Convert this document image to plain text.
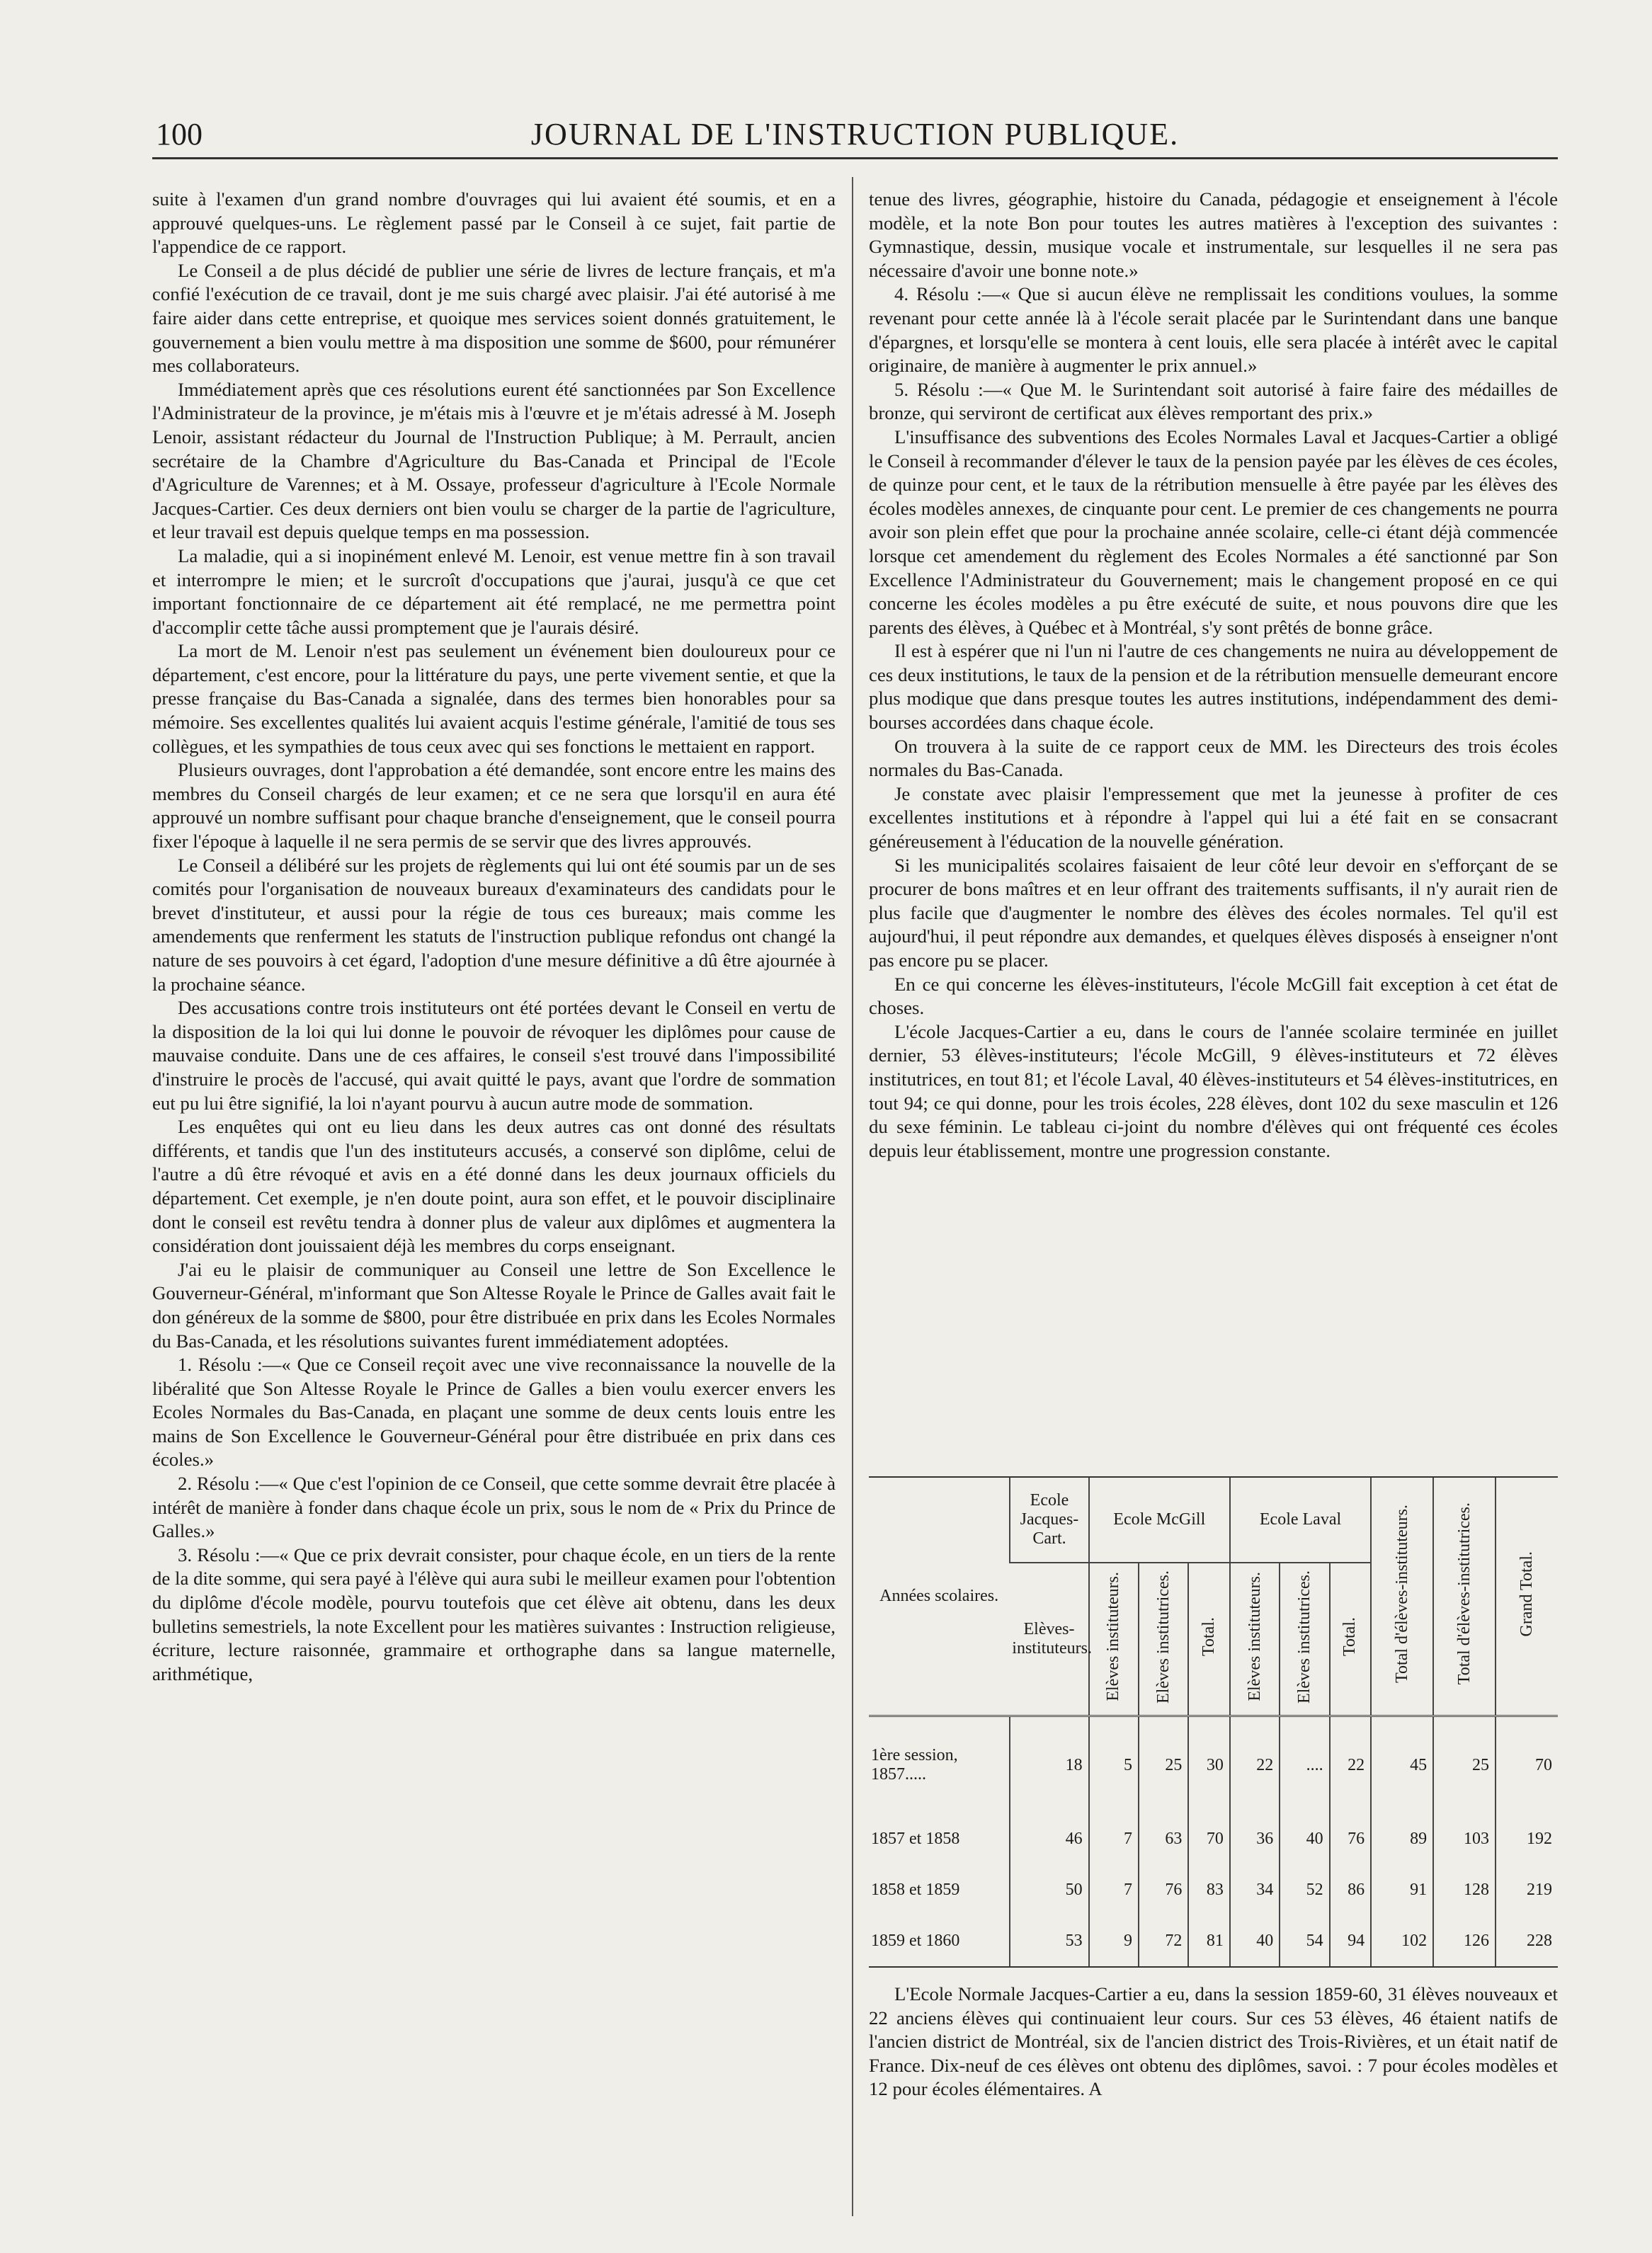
100	JOURNAL DE L'INSTRUCTION PUBLIQUE.

suite à l'examen d'un grand nombre d'ouvrages qui lui avaient été soumis, et en a approuvé quelques-uns. Le règlement passé par le Conseil à ce sujet, fait partie de l'appendice de ce rapport.

Le Conseil a de plus décidé de publier une série de livres de lecture français, et m'a confié l'exécution de ce travail, dont je me suis chargé avec plaisir. J'ai été autorisé à me faire aider dans cette entreprise, et quoique mes services soient donnés gratuitement, le gouvernement a bien voulu mettre à ma disposition une somme de $600, pour rémunérer mes collaborateurs.

Immédiatement après que ces résolutions eurent été sanctionnées par Son Excellence l'Administrateur de la province, je m'étais mis à l'œuvre et je m'étais adressé à M. Joseph Lenoir, assistant rédacteur du Journal de l'Instruction Publique; à M. Perrault, ancien secrétaire de la Chambre d'Agriculture du Bas-Canada et Principal de l'Ecole d'Agriculture de Varennes; et à M. Ossaye, professeur d'agriculture à l'Ecole Normale Jacques-Cartier. Ces deux derniers ont bien voulu se charger de la partie de l'agriculture, et leur travail est depuis quelque temps en ma possession.

La maladie, qui a si inopinément enlevé M. Lenoir, est venue mettre fin à son travail et interrompre le mien; et le surcroît d'occupations que j'aurai, jusqu'à ce que cet important fonctionnaire de ce département ait été remplacé, ne me permettra point d'accomplir cette tâche aussi promptement que je l'aurais désiré.

La mort de M. Lenoir n'est pas seulement un événement bien douloureux pour ce département, c'est encore, pour la littérature du pays, une perte vivement sentie, et que la presse française du Bas-Canada a signalée, dans des termes bien honorables pour sa mémoire. Ses excellentes qualités lui avaient acquis l'estime générale, l'amitié de tous ses collègues, et les sympathies de tous ceux avec qui ses fonctions le mettaient en rapport.

Plusieurs ouvrages, dont l'approbation a été demandée, sont encore entre les mains des membres du Conseil chargés de leur examen; et ce ne sera que lorsqu'il en aura été approuvé un nombre suffisant pour chaque branche d'enseignement, que le conseil pourra fixer l'époque à laquelle il ne sera permis de se servir que des livres approuvés.

Le Conseil a délibéré sur les projets de règlements qui lui ont été soumis par un de ses comités pour l'organisation de nouveaux bureaux d'examinateurs des candidats pour le brevet d'instituteur, et aussi pour la régie de tous ces bureaux; mais comme les amendements que renferment les statuts de l'instruction publique refondus ont changé la nature de ses pouvoirs à cet égard, l'adoption d'une mesure définitive a dû être ajournée à la prochaine séance.

Des accusations contre trois instituteurs ont été portées devant le Conseil en vertu de la disposition de la loi qui lui donne le pouvoir de révoquer les diplômes pour cause de mauvaise conduite. Dans une de ces affaires, le conseil s'est trouvé dans l'impossibilité d'instruire le procès de l'accusé, qui avait quitté le pays, avant que l'ordre de sommation eut pu lui être signifié, la loi n'ayant pourvu à aucun autre mode de sommation.

Les enquêtes qui ont eu lieu dans les deux autres cas ont donné des résultats différents, et tandis que l'un des instituteurs accusés, a conservé son diplôme, celui de l'autre a dû être révoqué et avis en a été donné dans les deux journaux officiels du département. Cet exemple, je n'en doute point, aura son effet, et le pouvoir disciplinaire dont le conseil est revêtu tendra à donner plus de valeur aux diplômes et augmentera la considération dont jouissaient déjà les membres du corps enseignant.

J'ai eu le plaisir de communiquer au Conseil une lettre de Son Excellence le Gouverneur-Général, m'informant que Son Altesse Royale le Prince de Galles avait fait le don généreux de la somme de $800, pour être distribuée en prix dans les Ecoles Normales du Bas-Canada, et les résolutions suivantes furent immédiatement adoptées.

1. Résolu :—« Que ce Conseil reçoit avec une vive reconnaissance la nouvelle de la libéralité que Son Altesse Royale le Prince de Galles a bien voulu exercer envers les Ecoles Normales du Bas-Canada, en plaçant une somme de deux cents louis entre les mains de Son Excellence le Gouverneur-Général pour être distribuée en prix dans ces écoles.»

2. Résolu :—« Que c'est l'opinion de ce Conseil, que cette somme devrait être placée à intérêt de manière à fonder dans chaque école un prix, sous le nom de « Prix du Prince de Galles.»

3. Résolu :—« Que ce prix devrait consister, pour chaque école, en un tiers de la rente de la dite somme, qui sera payé à l'élève qui aura subi le meilleur examen pour l'obtention du diplôme d'école modèle, pourvu toutefois que cet élève ait obtenu, dans les deux bulletins semestriels, la note Excellent pour les matières suivantes : Instruction religieuse, écriture, lecture raisonnée, grammaire et orthographe dans sa langue maternelle, arithmétique,

tenue des livres, géographie, histoire du Canada, pédagogie et enseignement à l'école modèle, et la note Bon pour toutes les autres matières à l'exception des suivantes : Gymnastique, dessin, musique vocale et instrumentale, sur lesquelles il ne sera pas nécessaire d'avoir une bonne note.»

4. Résolu :—« Que si aucun élève ne remplissait les conditions voulues, la somme revenant pour cette année là à l'école serait placée par le Surintendant dans une banque d'épargnes, et lorsqu'elle se montera à cent louis, elle sera placée à intérêt avec le capital originaire, de manière à augmenter le prix annuel.»

5. Résolu :—« Que M. le Surintendant soit autorisé à faire faire des médailles de bronze, qui serviront de certificat aux élèves remportant des prix.»

L'insuffisance des subventions des Ecoles Normales Laval et Jacques-Cartier a obligé le Conseil à recommander d'élever le taux de la pension payée par les élèves de ces écoles, de quinze pour cent, et le taux de la rétribution mensuelle à être payée par les élèves des écoles modèles annexes, de cinquante pour cent. Le premier de ces changements ne pourra avoir son plein effet que pour la prochaine année scolaire, celle-ci étant déjà commencée lorsque cet amendement du règlement des Ecoles Normales a été sanctionné par Son Excellence l'Administrateur du Gouvernement; mais le changement proposé en ce qui concerne les écoles modèles a pu être exécuté de suite, et nous pouvons dire que les parents des élèves, à Québec et à Montréal, s'y sont prêtés de bonne grâce.

Il est à espérer que ni l'un ni l'autre de ces changements ne nuira au développement de ces deux institutions, le taux de la pension et de la rétribution mensuelle demeurant encore plus modique que dans presque toutes les autres institutions, indépendamment des demi-bourses accordées dans chaque école.

On trouvera à la suite de ce rapport ceux de MM. les Directeurs des trois écoles normales du Bas-Canada.

Je constate avec plaisir l'empressement que met la jeunesse à profiter de ces excellentes institutions et à répondre à l'appel qui lui a été fait en se consacrant généreusement à l'éducation de la nouvelle génération.

Si les municipalités scolaires faisaient de leur côté leur devoir en s'efforçant de se procurer de bons maîtres et en leur offrant des traitements suffisants, il n'y aurait rien de plus facile que d'augmenter le nombre des élèves des écoles normales. Tel qu'il est aujourd'hui, il peut répondre aux demandes, et quelques élèves disposés à enseigner n'ont pas encore pu se placer.

En ce qui concerne les élèves-instituteurs, l'école McGill fait exception à cet état de choses.

L'école Jacques-Cartier a eu, dans le cours de l'année scolaire terminée en juillet dernier, 53 élèves-instituteurs; l'école McGill, 9 élèves-instituteurs et 72 élèves institutrices, en tout 81; et l'école Laval, 40 élèves-instituteurs et 54 élèves-institutrices, en tout 94; ce qui donne, pour les trois écoles, 228 élèves, dont 102 du sexe masculin et 126 du sexe féminin. Le tableau ci-joint du nombre d'élèves qui ont fréquenté ces écoles depuis leur établissement, montre une progression constante.

Années scolaires.	Ecole Jacques-Cart.	Ecole McGill			Ecole Laval			Total d'élèves-instituteurs.	Total d'élèves-institutrices.	Grand Total.
	Elèves-instituteurs.	Elèves instituteurs.	Elèves institutrices.	Total.	Elèves instituteurs.	Elèves institutrices.	Total.			
1ère session, 1857.....	18	5	25	30	22	....	22	45	25	70
1857 et 1858	46	7	63	70	36	40	76	89	103	192
1858 et 1859	50	7	76	83	34	52	86	91	128	219
1859 et 1860	53	9	72	81	40	54	94	102	126	228

L'Ecole Normale Jacques-Cartier a eu, dans la session 1859-60, 31 élèves nouveaux et 22 anciens élèves qui continuaient leur cours. Sur ces 53 élèves, 46 étaient natifs de l'ancien district de Montréal, six de l'ancien district des Trois-Rivières, et un était natif de France. Dix-neuf de ces élèves ont obtenu des diplômes, savoi. : 7 pour écoles modèles et 12 pour écoles élémentaires. A
